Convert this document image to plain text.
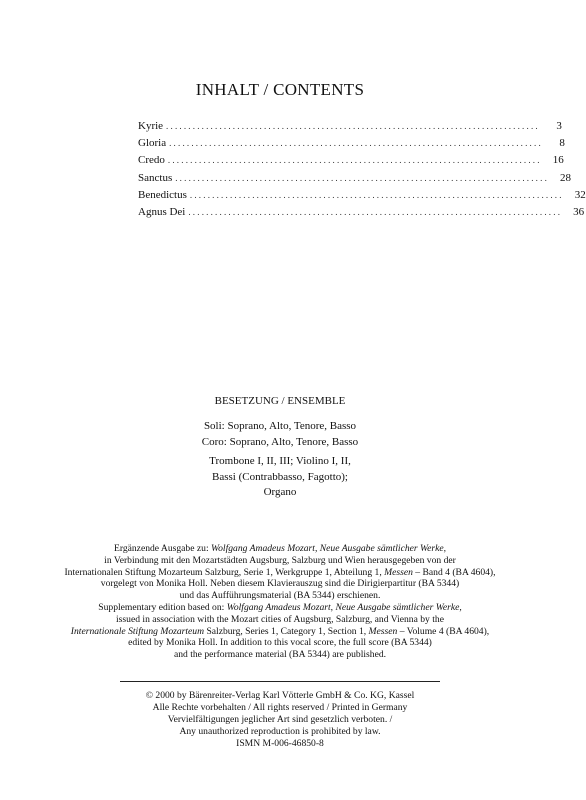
INHALT / CONTENTS
Kyrie ....................................................................................	3
Gloria ....................................................................................	8
Credo ....................................................................................	16
Sanctus ....................................................................................	28
Benedictus ....................................................................................	32
Agnus Dei ....................................................................................	36
BESETZUNG / ENSEMBLE
Soli: Soprano, Alto, Tenore, Basso
Coro: Soprano, Alto, Tenore, Basso
Trombone I, II, III; Violino I, II,
Bassi (Contrabbasso, Fagotto);
Organo
Ergänzende Ausgabe zu: Wolfgang Amadeus Mozart, Neue Ausgabe sämtlicher Werke,
in Verbindung mit den Mozartstädten Augsburg, Salzburg und Wien herausgegeben von der
Internationalen Stiftung Mozarteum Salzburg, Serie 1, Werkgruppe 1, Abteilung 1, Messen – Band 4 (BA 4604),
vorgelegt von Monika Holl. Neben diesem Klavierauszug sind die Dirigierpartitur (BA 5344)
und das Aufführungsmaterial (BA 5344) erschienen.
Supplementary edition based on: Wolfgang Amadeus Mozart, Neue Ausgabe sämtlicher Werke,
issued in association with the Mozart cities of Augsburg, Salzburg, and Vienna by the
Internationale Stiftung Mozarteum Salzburg, Series 1, Category 1, Section 1, Messen – Volume 4 (BA 4604),
edited by Monika Holl. In addition to this vocal score, the full score (BA 5344)
and the performance material (BA 5344) are published.
© 2000 by Bärenreiter-Verlag Karl Vötterle GmbH & Co. KG, Kassel
Alle Rechte vorbehalten / All rights reserved / Printed in Germany
Vervielfältigungen jeglicher Art sind gesetzlich verboten. /
Any unauthorized reproduction is prohibited by law.
ISMN M-006-46850-8
